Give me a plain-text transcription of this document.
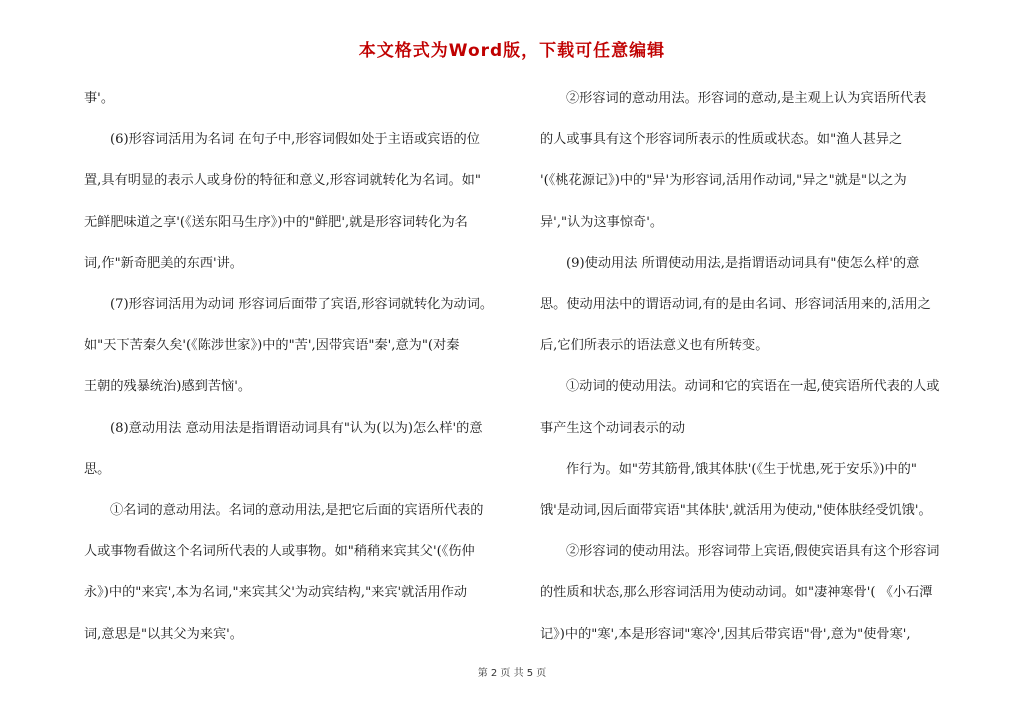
本文格式为Word版，下载可任意编辑

事'。

(6)形容词活用为名词 在句子中,形容词假如处于主语或宾语的位

置,具有明显的表示人或身份的特征和意义,形容词就转化为名词。如"

无鲜肥味道之享'(《送东阳马生序》)中的"鲜肥',就是形容词转化为名

词,作"新奇肥美的东西'讲。

(7)形容词活用为动词 形容词后面带了宾语,形容词就转化为动词。

如"天下苦秦久矣'(《陈涉世家》)中的"苦',因带宾语"秦',意为"(对秦

王朝的残暴统治)感到苦恼'。

(8)意动用法 意动用法是指谓语动词具有"认为(以为)怎么样'的意

思。

①名词的意动用法。名词的意动用法,是把它后面的宾语所代表的

人或事物看做这个名词所代表的人或事物。如"稍稍来宾其父'(《伤仲

永》)中的"来宾',本为名词,"来宾其父'为动宾结构,"来宾'就活用作动

词,意思是"以其父为来宾'。

②形容词的意动用法。形容词的意动,是主观上认为宾语所代表

的人或事具有这个形容词所表示的性质或状态。如"渔人甚异之

'(《桃花源记》)中的"异'为形容词,活用作动词,"异之"就是"以之为

异',"认为这事惊奇'。

(9)使动用法 所谓使动用法,是指谓语动词具有"使怎么样'的意

思。使动用法中的谓语动词,有的是由名词、形容词活用来的,活用之

后,它们所表示的语法意义也有所转变。

①动词的使动用法。动词和它的宾语在一起,使宾语所代表的人或

事产生这个动词表示的动

作行为。如"劳其筋骨,饿其体肤'(《生于忧患,死于安乐》)中的"

饿'是动词,因后面带宾语"其体肤',就活用为使动,"使体肤经受饥饿'。

②形容词的使动用法。形容词带上宾语,假使宾语具有这个形容词

的性质和状态,那么形容词活用为使动动词。如"凄神寒骨'( 《小石潭

记》)中的"寒',本是形容词"寒冷',因其后带宾语"骨',意为"使骨寒',

第 2 页 共 5 页
